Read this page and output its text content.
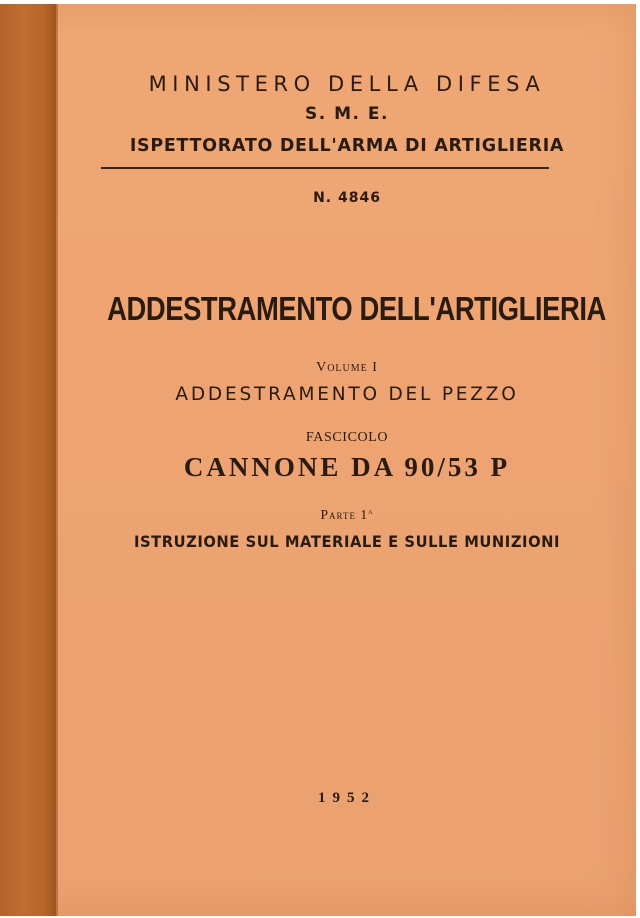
MINISTERO DELLA DIFESA
S. M. E.
ISPETTORATO DELL'ARMA DI ARTIGLIERIA
N. 4846
ADDESTRAMENTO DELL'ARTIGLIERIA
Volume I
ADDESTRAMENTO DEL PEZZO
FASCICOLO
CANNONE DA 90/53 P
Parte 1$^a$
ISTRUZIONE SUL MATERIALE E SULLE MUNIZIONI
1952
